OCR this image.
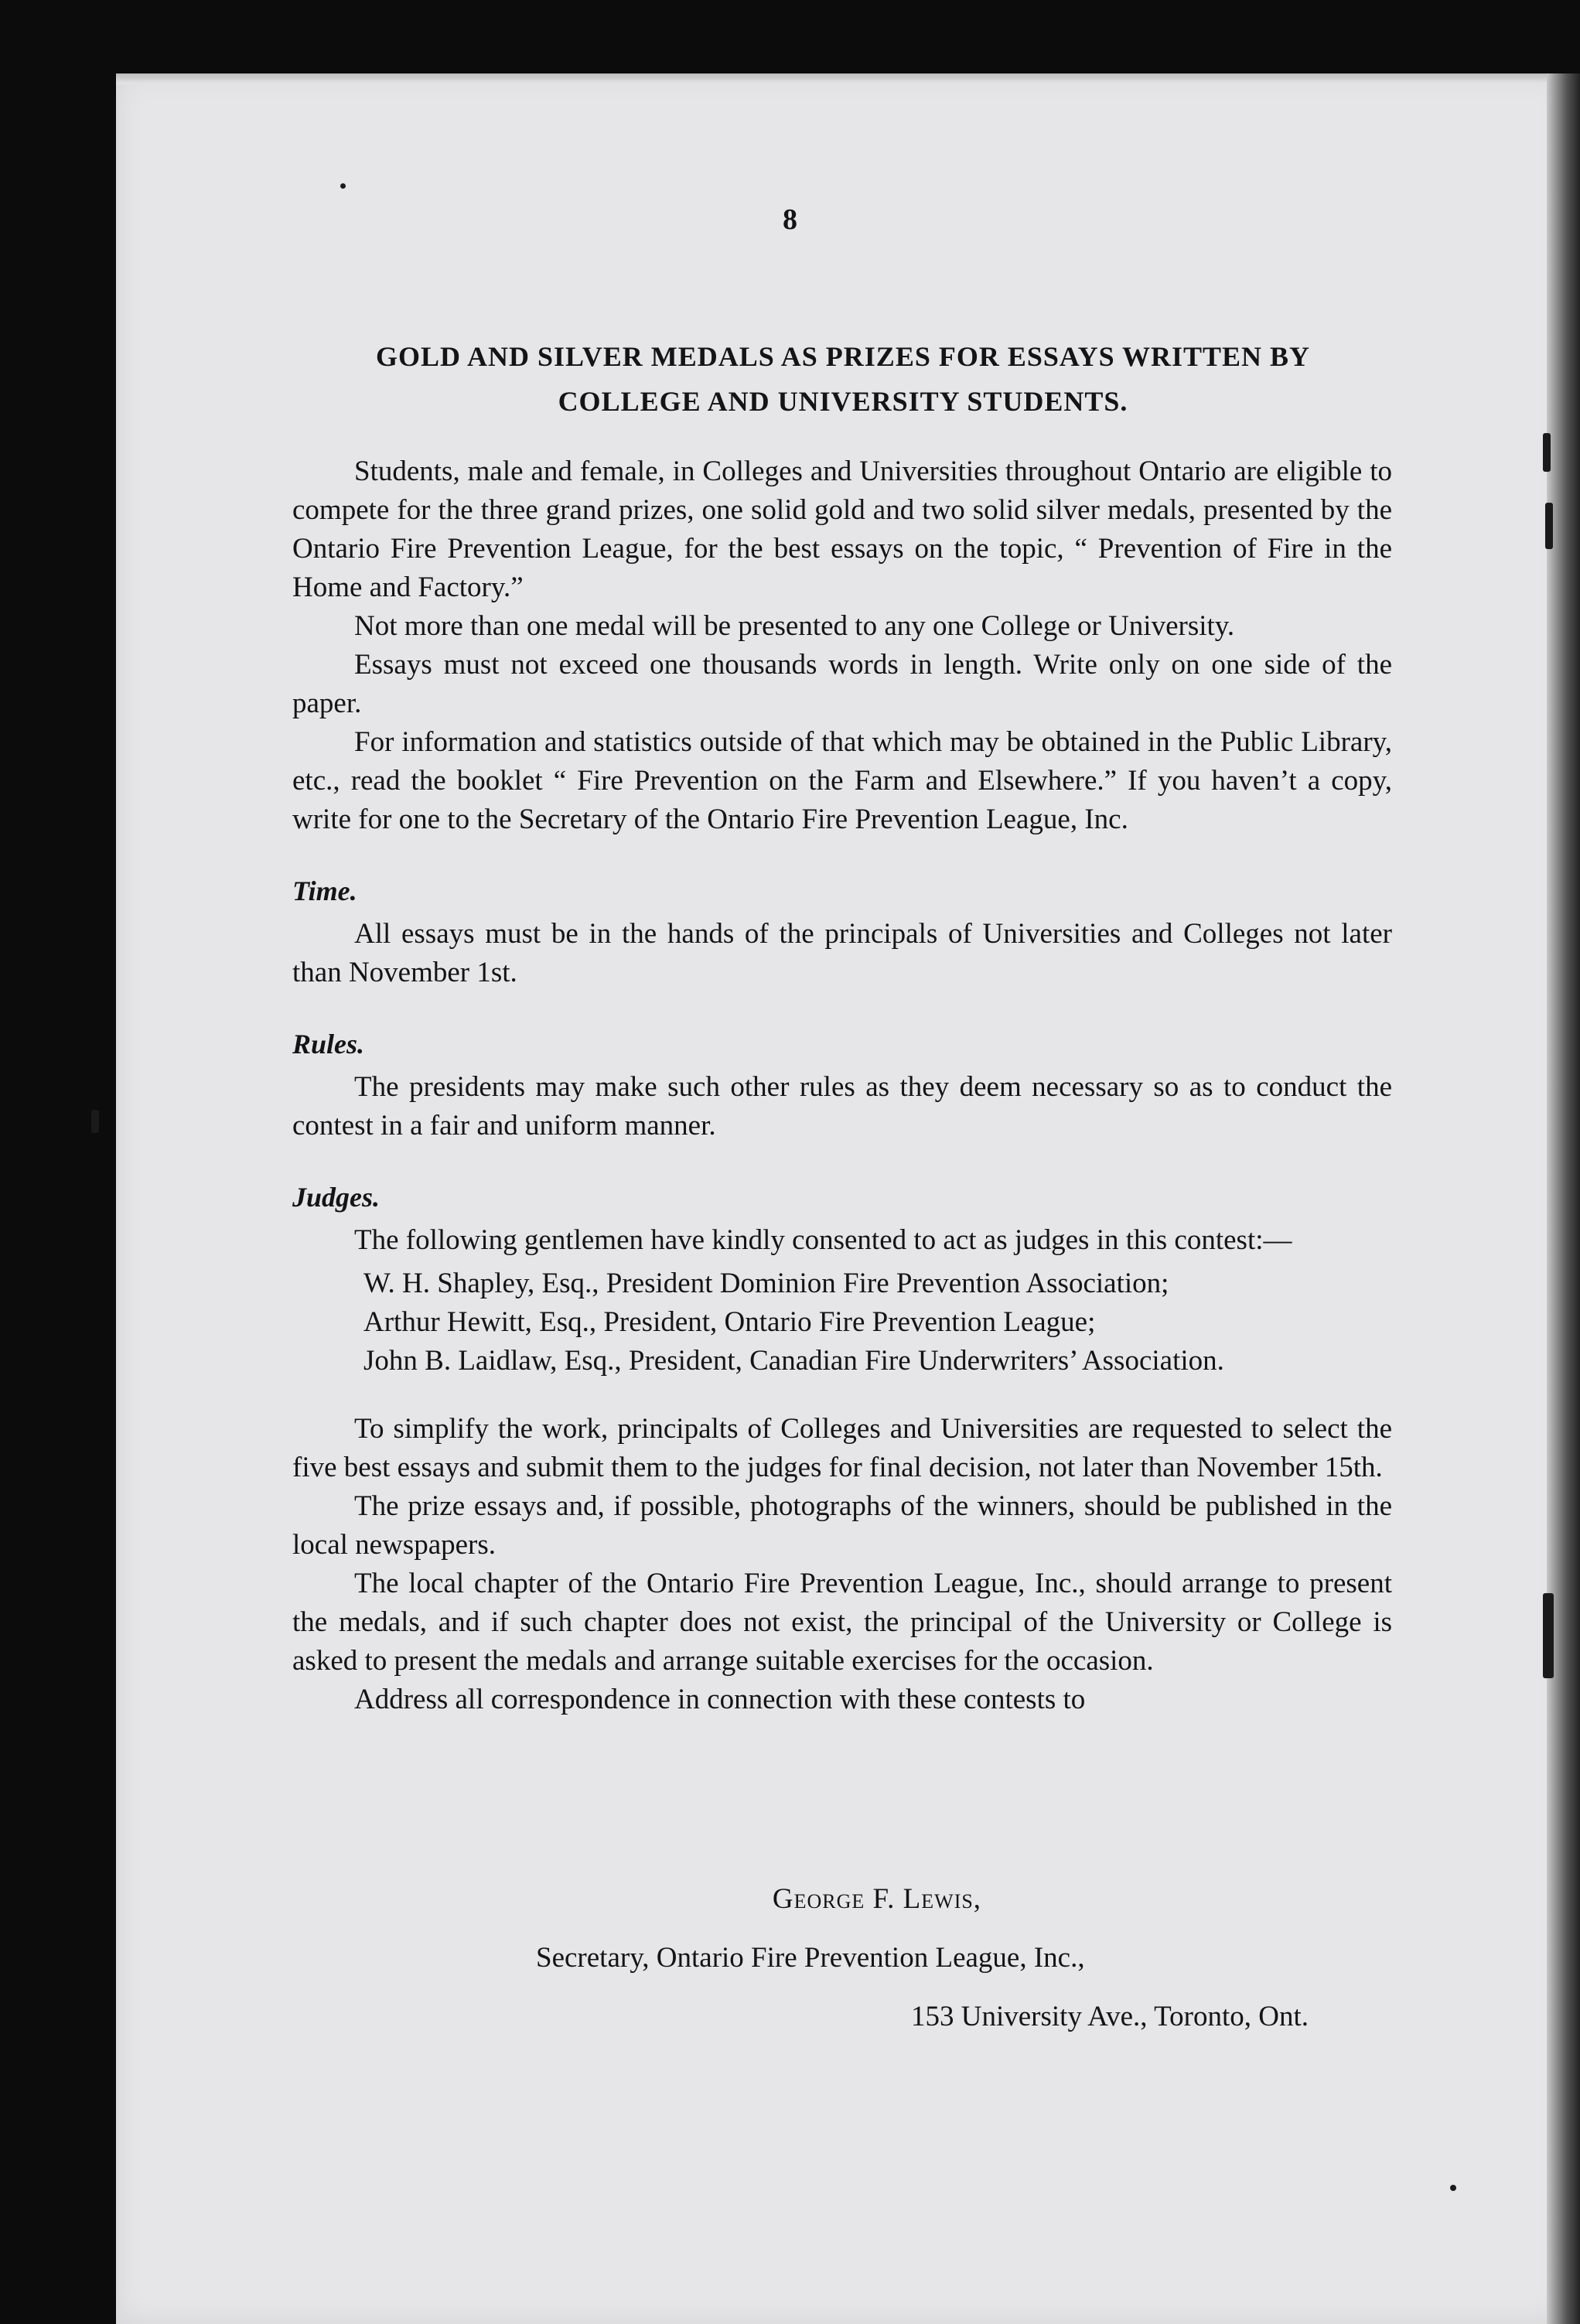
8
GOLD AND SILVER MEDALS AS PRIZES FOR ESSAYS WRITTEN BY
COLLEGE AND UNIVERSITY STUDENTS.

Students, male and female, in Colleges and Universities throughout Ontario are eligible to compete for the three grand prizes, one solid gold and two solid silver medals, presented by the Ontario Fire Prevention League, for the best essays on the topic, “ Prevention of Fire in the Home and Factory.”

Not more than one medal will be presented to any one College or University.

Essays must not exceed one thousands words in length. Write only on one side of the paper.

For information and statistics outside of that which may be obtained in the Public Library, etc., read the booklet “ Fire Prevention on the Farm and Elsewhere.” If you haven’t a copy, write for one to the Secretary of the Ontario Fire Prevention League, Inc.

Time.

All essays must be in the hands of the principals of Universities and Colleges not later than November 1st.

Rules.

The presidents may make such other rules as they deem necessary so as to conduct the contest in a fair and uniform manner.

Judges.

The following gentlemen have kindly consented to act as judges in this contest:—

W. H. Shapley, Esq., President Dominion Fire Prevention Association;
Arthur Hewitt, Esq., President, Ontario Fire Prevention League;
John B. Laidlaw, Esq., President, Canadian Fire Underwriters’ Association.

To simplify the work, principalts of Colleges and Universities are requested to select the five best essays and submit them to the judges for final decision, not later than November 15th.

The prize essays and, if possible, photographs of the winners, should be published in the local newspapers.

The local chapter of the Ontario Fire Prevention League, Inc., should arrange to present the medals, and if such chapter does not exist, the principal of the University or College is asked to present the medals and arrange suitable exercises for the occasion.

Address all correspondence in connection with these contests to

George F. Lewis,
Secretary, Ontario Fire Prevention League, Inc.,
153 University Ave., Toronto, Ont.
